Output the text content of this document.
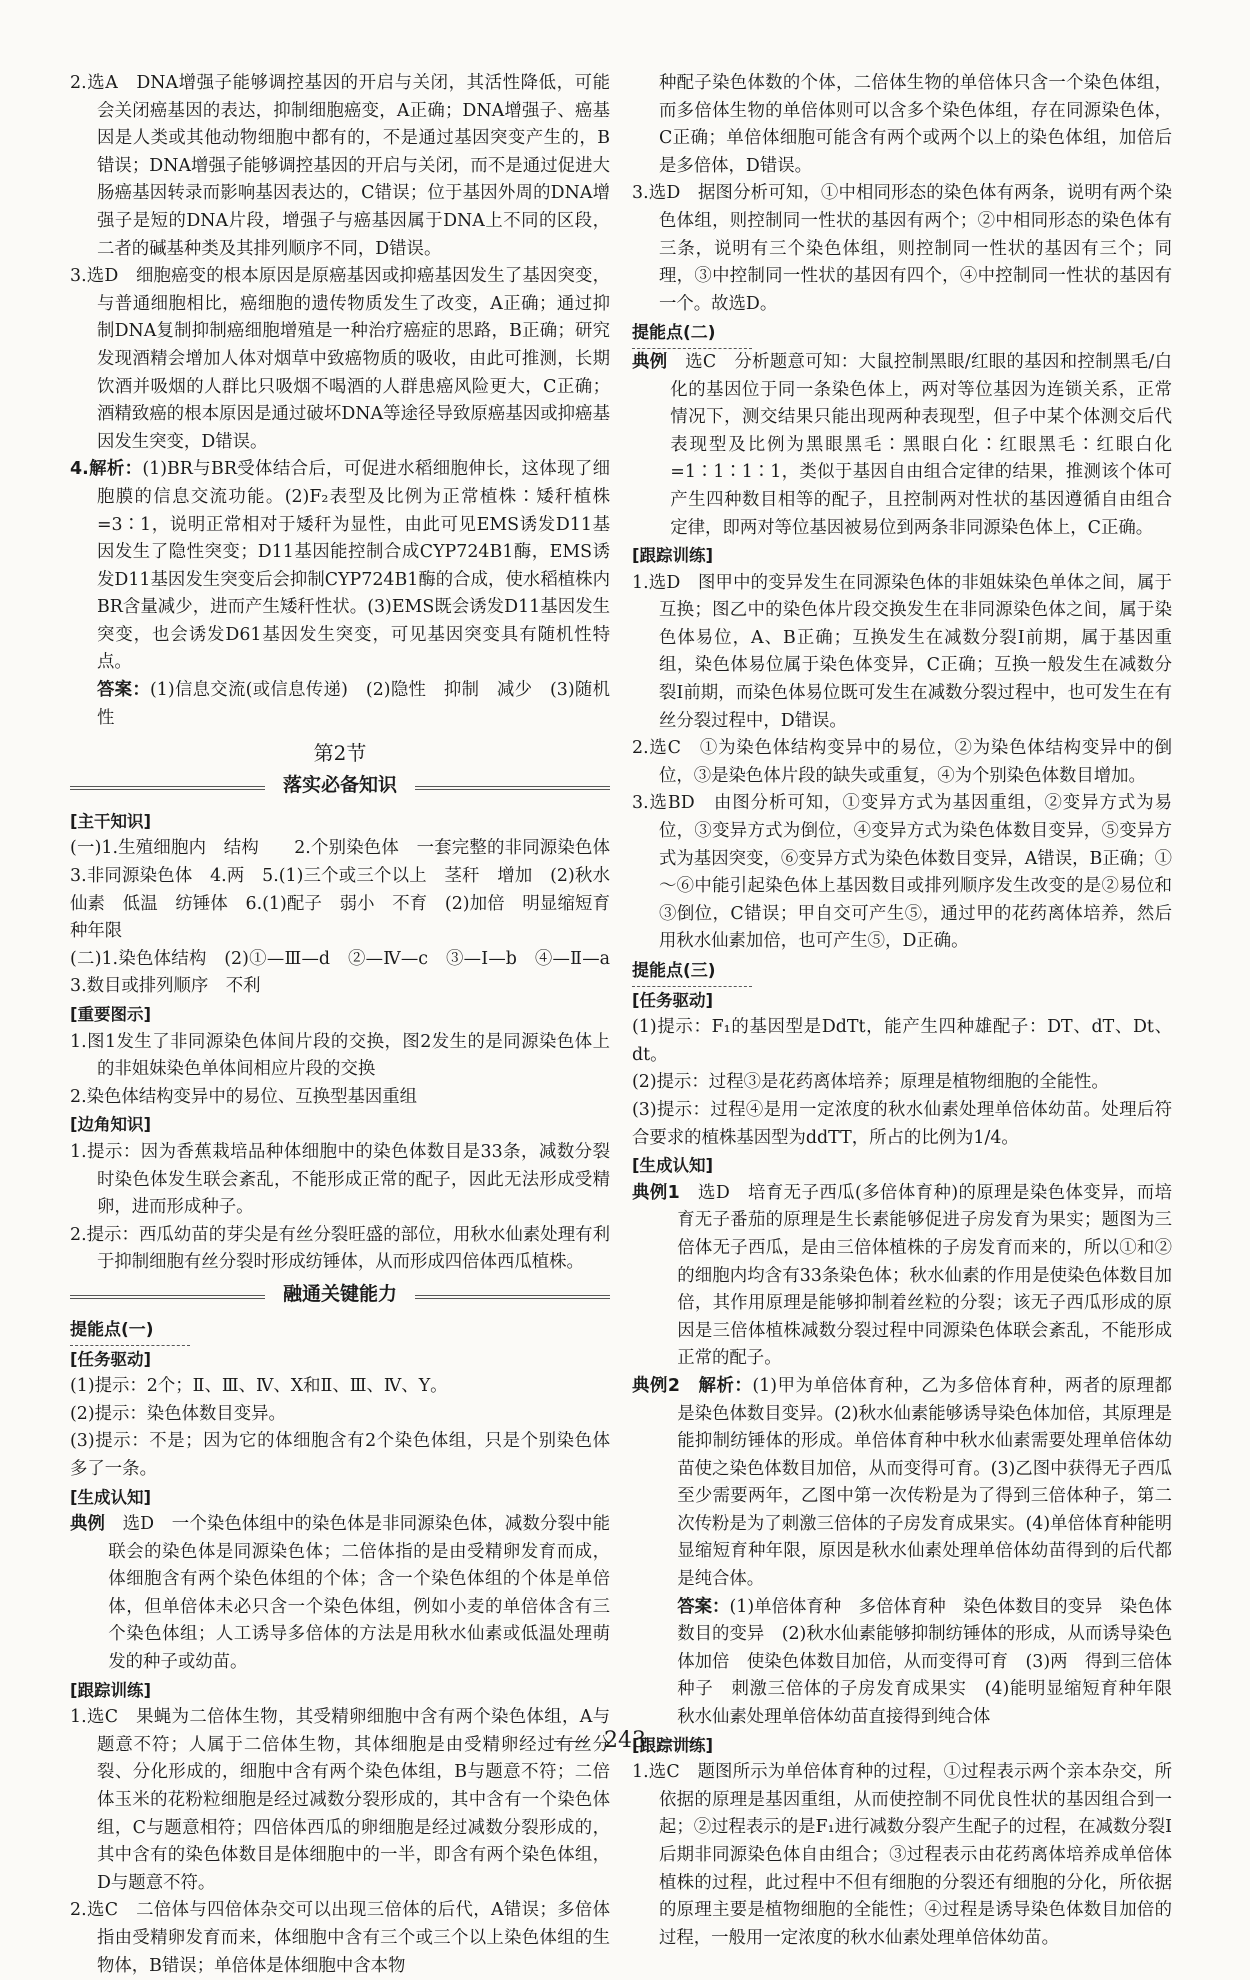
2.选A　DNA增强子能够调控基因的开启与关闭，其活性降低，可能会关闭癌基因的表达，抑制细胞癌变，A正确；DNA增强子、癌基因是人类或其他动物细胞中都有的，不是通过基因突变产生的，B错误；DNA增强子能够调控基因的开启与关闭，而不是通过促进大肠癌基因转录而影响基因表达的，C错误；位于基因外周的DNA增强子是短的DNA片段，增强子与癌基因属于DNA上不同的区段，二者的碱基种类及其排列顺序不同，D错误。

3.选D　细胞癌变的根本原因是原癌基因或抑癌基因发生了基因突变，与普通细胞相比，癌细胞的遗传物质发生了改变，A正确；通过抑制DNA复制抑制癌细胞增殖是一种治疗癌症的思路，B正确；研究发现酒精会增加人体对烟草中致癌物质的吸收，由此可推测，长期饮酒并吸烟的人群比只吸烟不喝酒的人群患癌风险更大，C正确；酒精致癌的根本原因是通过破坏DNA等途径导致原癌基因或抑癌基因发生突变，D错误。

4.解析：(1)BR与BR受体结合后，可促进水稻细胞伸长，这体现了细胞膜的信息交流功能。(2)F₂表型及比例为正常植株∶矮秆植株=3∶1，说明正常相对于矮秆为显性，由此可见EMS诱发D11基因发生了隐性突变；D11基因能控制合成CYP724B1酶，EMS诱发D11基因发生突变后会抑制CYP724B1酶的合成，使水稻植株内BR含量减少，进而产生矮秆性状。(3)EMS既会诱发D11基因发生突变，也会诱发D61基因发生突变，可见基因突变具有随机性特点。

答案：(1)信息交流(或信息传递)　(2)隐性　抑制　减少　(3)随机性

第2节
落实必备知识

[主干知识]

(一)1.生殖细胞内　结构　　2.个别染色体　一套完整的非同源染色体　3.非同源染色体　4.两　5.(1)三个或三个以上　茎秆　增加　(2)秋水仙素　低温　纺锤体　6.(1)配子　弱小　不育　(2)加倍　明显缩短育种年限

(二)1.染色体结构　(2)①—Ⅲ—d　②—Ⅳ—c　③—Ⅰ—b　④—Ⅱ—a　3.数目或排列顺序　不利

[重要图示]

1.图1发生了非同源染色体间片段的交换，图2发生的是同源染色体上的非姐妹染色单体间相应片段的交换

2.染色体结构变异中的易位、互换型基因重组

[边角知识]

1.提示：因为香蕉栽培品种体细胞中的染色体数目是33条，减数分裂时染色体发生联会紊乱，不能形成正常的配子，因此无法形成受精卵，进而形成种子。

2.提示：西瓜幼苗的芽尖是有丝分裂旺盛的部位，用秋水仙素处理有利于抑制细胞有丝分裂时形成纺锤体，从而形成四倍体西瓜植株。

融通关键能力

提能点(一)

[任务驱动]

(1)提示：2个；Ⅱ、Ⅲ、Ⅳ、X和Ⅱ、Ⅲ、Ⅳ、Y。

(2)提示：染色体数目变异。

(3)提示：不是；因为它的体细胞含有2个染色体组，只是个别染色体多了一条。

[生成认知]

典例　 选D　一个染色体组中的染色体是非同源染色体，减数分裂中能联会的染色体是同源染色体；二倍体指的是由受精卵发育而成，体细胞含有两个染色体组的个体；含一个染色体组的个体是单倍体，但单倍体未必只含一个染色体组，例如小麦的单倍体含有三个染色体组；人工诱导多倍体的方法是用秋水仙素或低温处理萌发的种子或幼苗。

[跟踪训练]

1.选C　果蝇为二倍体生物，其受精卵细胞中含有两个染色体组，A与题意不符；人属于二倍体生物，其体细胞是由受精卵经过有丝分裂、分化形成的，细胞中含有两个染色体组，B与题意不符；二倍体玉米的花粉粒细胞是经过减数分裂形成的，其中含有一个染色体组，C与题意相符；四倍体西瓜的卵细胞是经过减数分裂形成的，其中含有的染色体数目是体细胞中的一半，即含有两个染色体组，D与题意不符。

2.选C　二倍体与四倍体杂交可以出现三倍体的后代，A错误；多倍体指由受精卵发育而来，体细胞中含有三个或三个以上染色体组的生物体，B错误；单倍体是体细胞中含本物

种配子染色体数的个体，二倍体生物的单倍体只含一个染色体组，而多倍体生物的单倍体则可以含多个染色体组，存在同源染色体，C正确；单倍体细胞可能含有两个或两个以上的染色体组，加倍后是多倍体，D错误。

3.选D　据图分析可知，①中相同形态的染色体有两条，说明有两个染色体组，则控制同一性状的基因有两个；②中相同形态的染色体有三条，说明有三个染色体组，则控制同一性状的基因有三个；同理，③中控制同一性状的基因有四个，④中控制同一性状的基因有一个。故选D。

提能点(二)

典例　 选C　分析题意可知：大鼠控制黑眼/红眼的基因和控制黑毛/白化的基因位于同一条染色体上，两对等位基因为连锁关系，正常情况下，测交结果只能出现两种表现型，但子中某个体测交后代表现型及比例为黑眼黑毛∶黑眼白化∶红眼黑毛∶红眼白化=1∶1∶1∶1，类似于基因自由组合定律的结果，推测该个体可产生四种数目相等的配子，且控制两对性状的基因遵循自由组合定律，即两对等位基因被易位到两条非同源染色体上，C正确。

[跟踪训练]

1.选D　图甲中的变异发生在同源染色体的非姐妹染色单体之间，属于互换；图乙中的染色体片段交换发生在非同源染色体之间，属于染色体易位，A、B正确；互换发生在减数分裂Ⅰ前期，属于基因重组，染色体易位属于染色体变异，C正确；互换一般发生在减数分裂Ⅰ前期，而染色体易位既可发生在减数分裂过程中，也可发生在有丝分裂过程中，D错误。

2.选C　①为染色体结构变异中的易位，②为染色体结构变异中的倒位，③是染色体片段的缺失或重复，④为个别染色体数目增加。

3.选BD　由图分析可知，①变异方式为基因重组，②变异方式为易位，③变异方式为倒位，④变异方式为染色体数目变异，⑤变异方式为基因突变，⑥变异方式为染色体数目变异，A错误，B正确；①～⑥中能引起染色体上基因数目或排列顺序发生改变的是②易位和③倒位，C错误；甲自交可产生⑤，通过甲的花药离体培养，然后用秋水仙素加倍，也可产生⑤，D正确。

提能点(三)

[任务驱动]

(1)提示：F₁的基因型是DdTt，能产生四种雄配子：DT、dT、Dt、dt。

(2)提示：过程③是花药离体培养；原理是植物细胞的全能性。

(3)提示：过程④是用一定浓度的秋水仙素处理单倍体幼苗。处理后符合要求的植株基因型为ddTT，所占的比例为1/4。

[生成认知]

典例1　 选D　培育无子西瓜(多倍体育种)的原理是染色体变异，而培育无子番茄的原理是生长素能够促进子房发育为果实；题图为三倍体无子西瓜，是由三倍体植株的子房发育而来的，所以①和②的细胞内均含有33条染色体；秋水仙素的作用是使染色体数目加倍，其作用原理是能够抑制着丝粒的分裂；该无子西瓜形成的原因是三倍体植株减数分裂过程中同源染色体联会紊乱，不能形成正常的配子。

典例2　 解析：(1)甲为单倍体育种，乙为多倍体育种，两者的原理都是染色体数目变异。(2)秋水仙素能够诱导染色体加倍，其原理是能抑制纺锤体的形成。单倍体育种中秋水仙素需要处理单倍体幼苗使之染色体数目加倍，从而变得可育。(3)乙图中获得无子西瓜至少需要两年，乙图中第一次传粉是为了得到三倍体种子，第二次传粉是为了刺激三倍体的子房发育成果实。(4)单倍体育种能明显缩短育种年限，原因是秋水仙素处理单倍体幼苗得到的后代都是纯合体。

答案：(1)单倍体育种　多倍体育种　染色体数目的变异　染色体数目的变异　(2)秋水仙素能够抑制纺锤体的形成，从而诱导染色体加倍　使染色体数目加倍，从而变得可育　(3)两　得到三倍体种子　刺激三倍体的子房发育成果实　(4)能明显缩短育种年限　秋水仙素处理单倍体幼苗直接得到纯合体

[跟踪训练]

1.选C　题图所示为单倍体育种的过程，①过程表示两个亲本杂交，所依据的原理是基因重组，从而使控制不同优良性状的基因组合到一起；②过程表示的是F₁进行减数分裂产生配子的过程，在减数分裂Ⅰ后期非同源染色体自由组合；③过程表示由花药离体培养成单倍体植株的过程，此过程中不但有细胞的分裂还有细胞的分化，所依据的原理主要是植物细胞的全能性；④过程是诱导染色体数目加倍的过程，一般用一定浓度的秋水仙素处理单倍体幼苗。

243
